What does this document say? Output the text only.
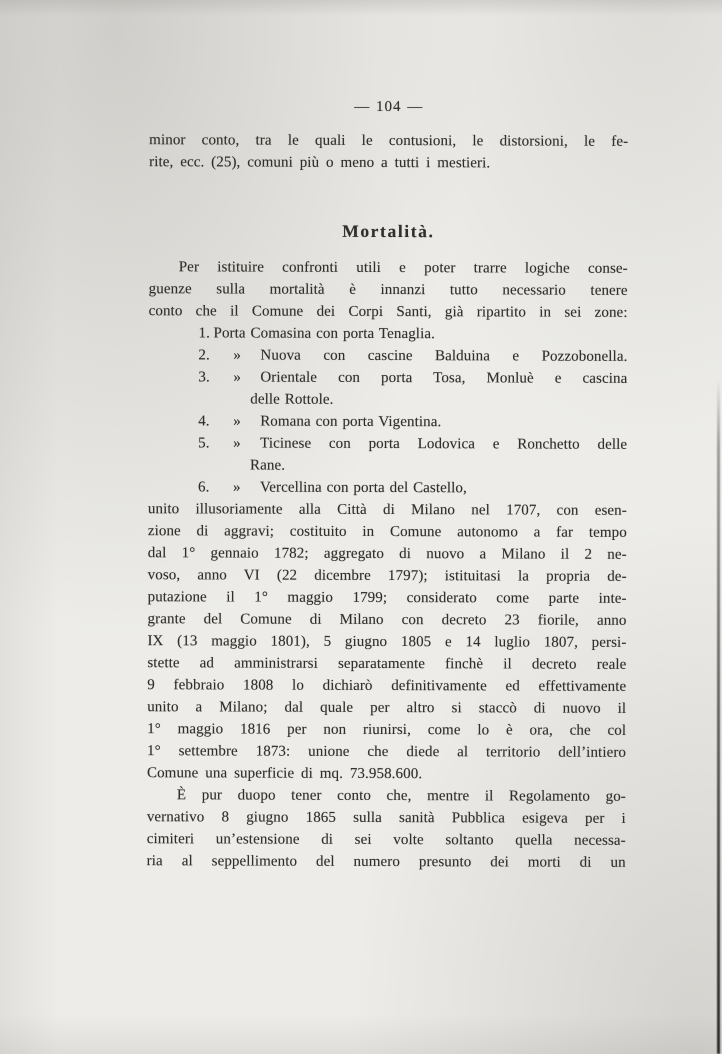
— 104 —
minor conto, tra le quali le contusioni, le distorsioni, le fe-
rite, ecc. (25), comuni più o meno a tutti i mestieri.
Mortalità.
Per istituire confronti utili e poter trarre logiche conse-
guenze sulla mortalità è innanzi tutto necessario tenere
conto che il Comune dei Corpi Santi, già ripartito in sei zone:
1. Porta Comasina con porta Tenaglia.
2.	»	Nuova con cascine Balduina e Pozzobonella.
3.	»	Orientale con porta Tosa, Monluè e cascina
delle Rottole.
4.	»	Romana con porta Vigentina.
5.	»	Ticinese con porta Lodovica e Ronchetto delle
Rane.
6.	»	Vercellina con porta del Castello,
unito illusoriamente alla Città di Milano nel 1707, con esen-
zione di aggravi; costituito in Comune autonomo a far tempo
dal 1° gennaio 1782; aggregato di nuovo a Milano il 2 ne-
voso, anno VI (22 dicembre 1797); istituitasi la propria de-
putazione il 1° maggio 1799; considerato come parte inte-
grante del Comune di Milano con decreto 23 fiorile, anno
IX (13 maggio 1801), 5 giugno 1805 e 14 luglio 1807, persi-
stette ad amministrarsi separatamente finchè il decreto reale
9 febbraio 1808 lo dichiarò definitivamente ed effettivamente
unito a Milano; dal quale per altro si staccò di nuovo il
1° maggio 1816 per non riunirsi, come lo è ora, che col
1° settembre 1873: unione che diede al territorio dell’intiero
Comune una superficie di mq. 73.958.600.
È pur duopo tener conto che, mentre il Regolamento go-
vernativo 8 giugno 1865 sulla sanità Pubblica esigeva per i
cimiteri un’estensione di sei volte soltanto quella necessa-
ria al seppellimento del numero presunto dei morti di un
